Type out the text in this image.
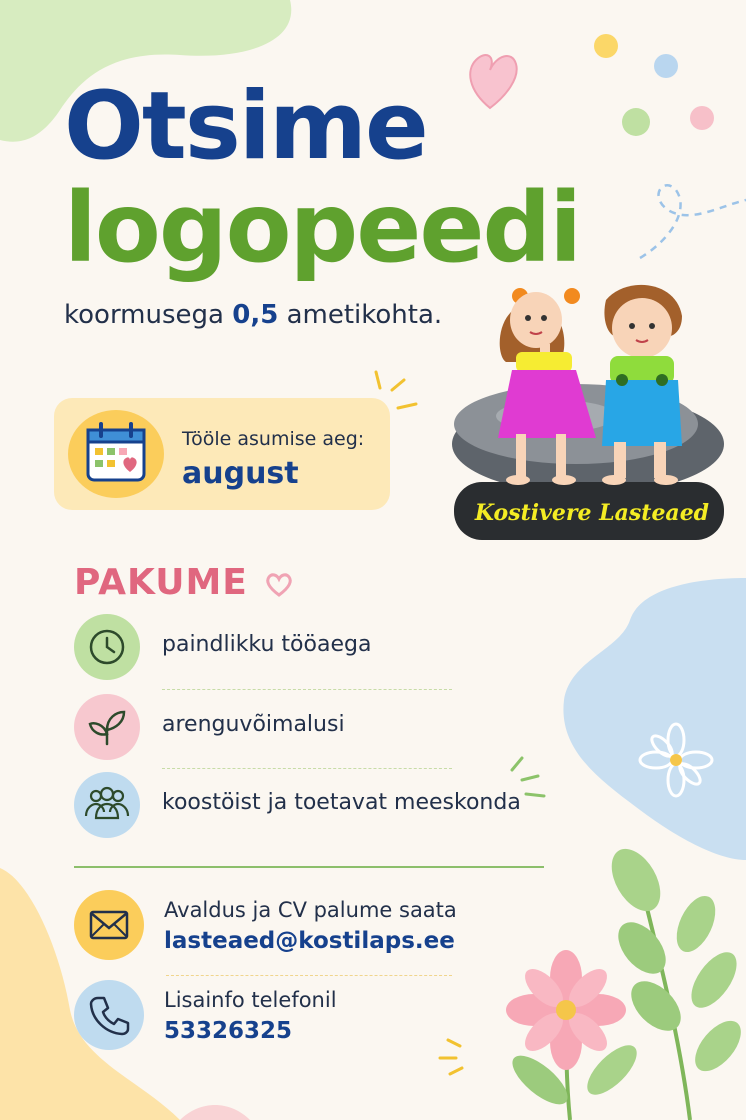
Otsime
logopeedi
koormusega 0,5 ametikohta.
Tööle asumise aeg:
august
Kostivere Lasteaed
PAKUME
paindlikku tööaega
arenguvõimalusi
koostöist ja toetavat meeskonda
Avaldus ja CV palume saata
lasteaed@kostilaps.ee
Lisainfo telefonil
53326325
